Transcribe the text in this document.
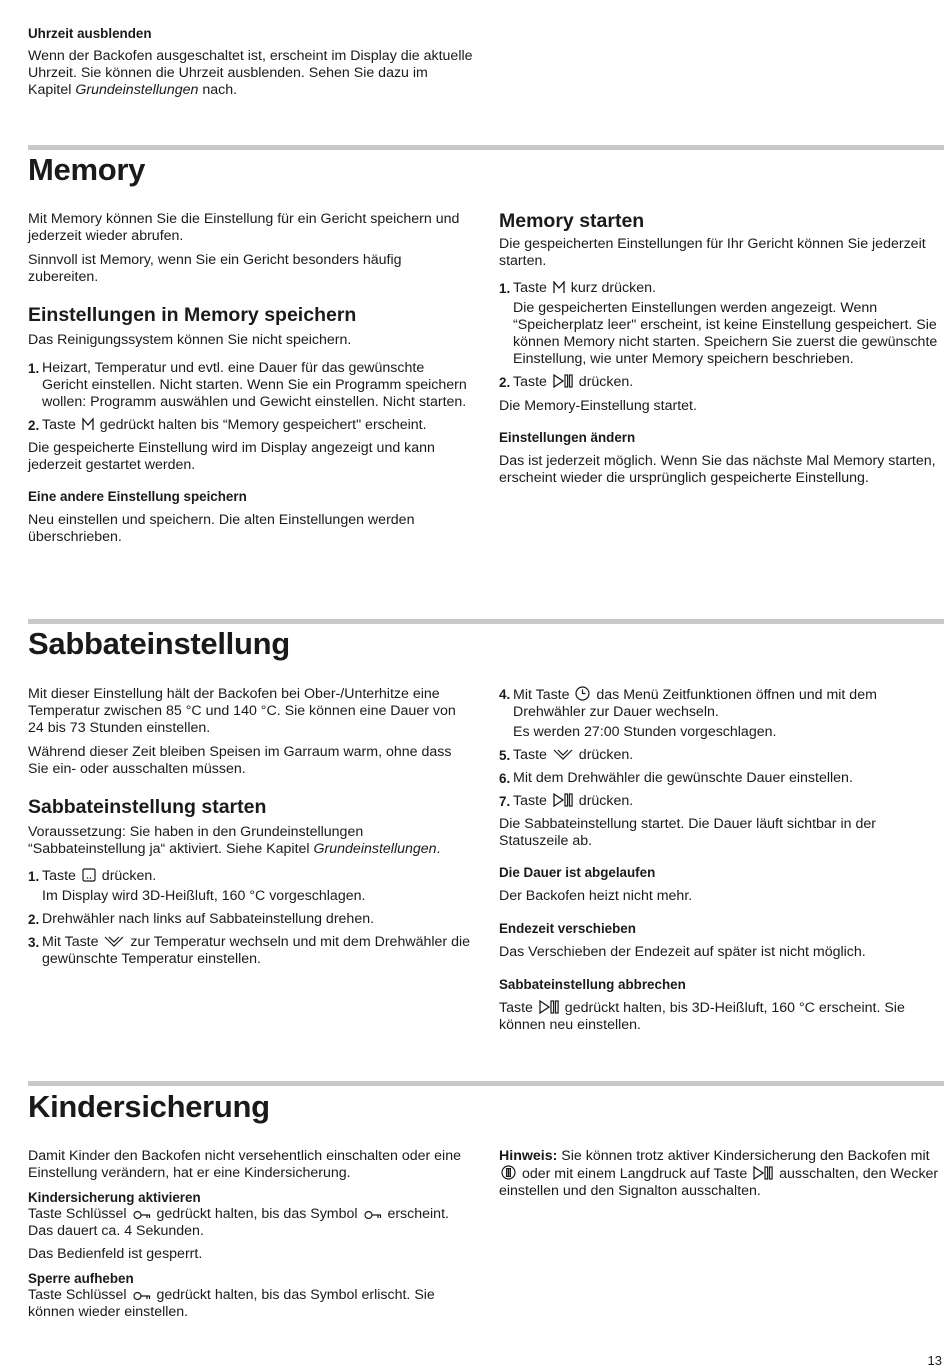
Uhrzeit ausblenden

Wenn der Backofen ausgeschaltet ist, erscheint im Display die aktuelle Uhrzeit. Sie können die Uhrzeit ausblenden. Sehen Sie dazu im Kapitel Grundeinstellungen nach.

Memory

Mit Memory können Sie die Einstellung für ein Gericht speichern und jederzeit wieder abrufen.

Sinnvoll ist Memory, wenn Sie ein Gericht besonders häufig zubereiten.

Einstellungen in Memory speichern

Das Reinigungssystem können Sie nicht speichern.

1. Heizart, Temperatur und evtl. eine Dauer für das gewünschte Gericht einstellen. Nicht starten. Wenn Sie ein Programm speichern wollen: Programm auswählen und Gewicht einstellen. Nicht starten.

2. Taste
gedrückt halten bis “Memory gespeichert" erscheint.

Die gespeicherte Einstellung wird im Display angezeigt und kann jederzeit gestartet werden.

Eine andere Einstellung speichern

Neu einstellen und speichern. Die alten Einstellungen werden überschrieben.

Memory starten

Die gespeicherten Einstellungen für Ihr Gericht können Sie jederzeit starten.

1. Taste
kurz drücken.

Die gespeicherten Einstellungen werden angezeigt. Wenn “Speicherplatz leer" erscheint, ist keine Einstellung gespeichert. Sie können Memory nicht starten. Speichern Sie zuerst die gewünschte Einstellung, wie unter Memory speichern beschrieben.

2. Taste
drücken.

Die Memory-Einstellung startet.

Einstellungen ändern

Das ist jederzeit möglich. Wenn Sie das nächste Mal Memory starten, erscheint wieder die ursprünglich gespeicherte Einstellung.

Sabbateinstellung

Mit dieser Einstellung hält der Backofen bei Ober-/Unterhitze eine Temperatur zwischen 85 °C und 140 °C. Sie können eine Dauer von 24 bis 73 Stunden einstellen.

Während dieser Zeit bleiben Speisen im Garraum warm, ohne dass Sie ein- oder ausschalten müssen.

Sabbateinstellung starten

Voraussetzung: Sie haben in den Grundeinstellungen “Sabbateinstellung ja“ aktiviert. Siehe Kapitel Grundeinstellungen.

1. Taste
drücken.

Im Display wird 3D-Heißluft, 160 °C vorgeschlagen.

2. Drehwähler nach links auf Sabbateinstellung drehen.

3. Mit Taste
zur Temperatur wechseln und mit dem Drehwähler die gewünschte Temperatur einstellen.

4. Mit Taste
das Menü Zeitfunktionen öffnen und mit dem Drehwähler zur Dauer wechseln.

Es werden 27:00 Stunden vorgeschlagen.

5. Taste
drücken.

6. Mit dem Drehwähler die gewünschte Dauer einstellen.

7. Taste
drücken.

Die Sabbateinstellung startet. Die Dauer läuft sichtbar in der Statuszeile ab.

Die Dauer ist abgelaufen

Der Backofen heizt nicht mehr.

Endezeit verschieben

Das Verschieben der Endezeit auf später ist nicht möglich.

Sabbateinstellung abbrechen

Taste
gedrückt halten, bis 3D-Heißluft, 160 °C erscheint. Sie können neu einstellen.

Kindersicherung

Damit Kinder den Backofen nicht versehentlich einschalten oder eine Einstellung verändern, hat er eine Kindersicherung.

Kindersicherung aktivieren

Taste Schlüssel
gedrückt halten, bis das Symbol
erscheint. Das dauert ca. 4 Sekunden.

Das Bedienfeld ist gesperrt.

Sperre aufheben

Taste Schlüssel
gedrückt halten, bis das Symbol erlischt. Sie können wieder einstellen.

Hinweis: Sie können trotz aktiver Kindersicherung den Backofen mit
oder mit einem Langdruck auf Taste
ausschalten, den Wecker einstellen und den Signalton ausschalten.

13
